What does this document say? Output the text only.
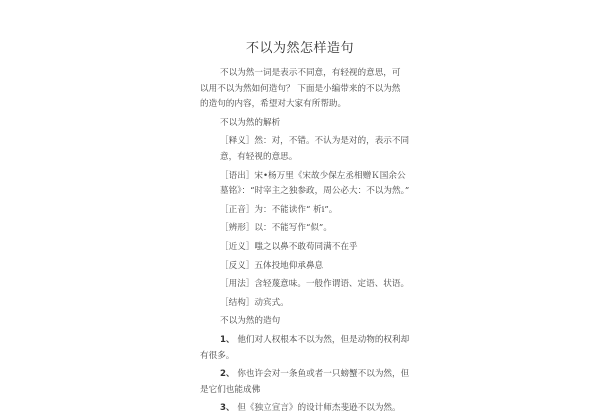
不以为然怎样造句

不以为然一词是表示不同意，有轻视的意思，可 以用不以为然如何造句？ 下面是小编带来的不以为然 的造句的内容，希望对大家有所帮助。

不以为然的解析

［释义］然：对，不错。不认为是对的，表示不同意，有轻视的意思。

［语出］宋•杨万里《宋故少保左丞相赠Ｋ国余公墓铭》：“时宰主之独参政，周公必大：不以为然。”

［正音］为：不能读作“ 析i”。

［辨形］以：不能写作“似”。

［近义］嗤之以鼻不敢苟同满不在乎

［反义］五体投地仰承鼻息

［用法］含轻蔑意味。一般作谓语、定语、状语。

［结构］动宾式。

不以为然的造句

1、 他们对人权根本不以为然，但是动物的权利却有很多。

2、 你也许会对一条鱼或者一只螃蟹不以为然，但是它们也能成佛

3、 但《独立宣言》的设计师杰斐逊不以为然。
